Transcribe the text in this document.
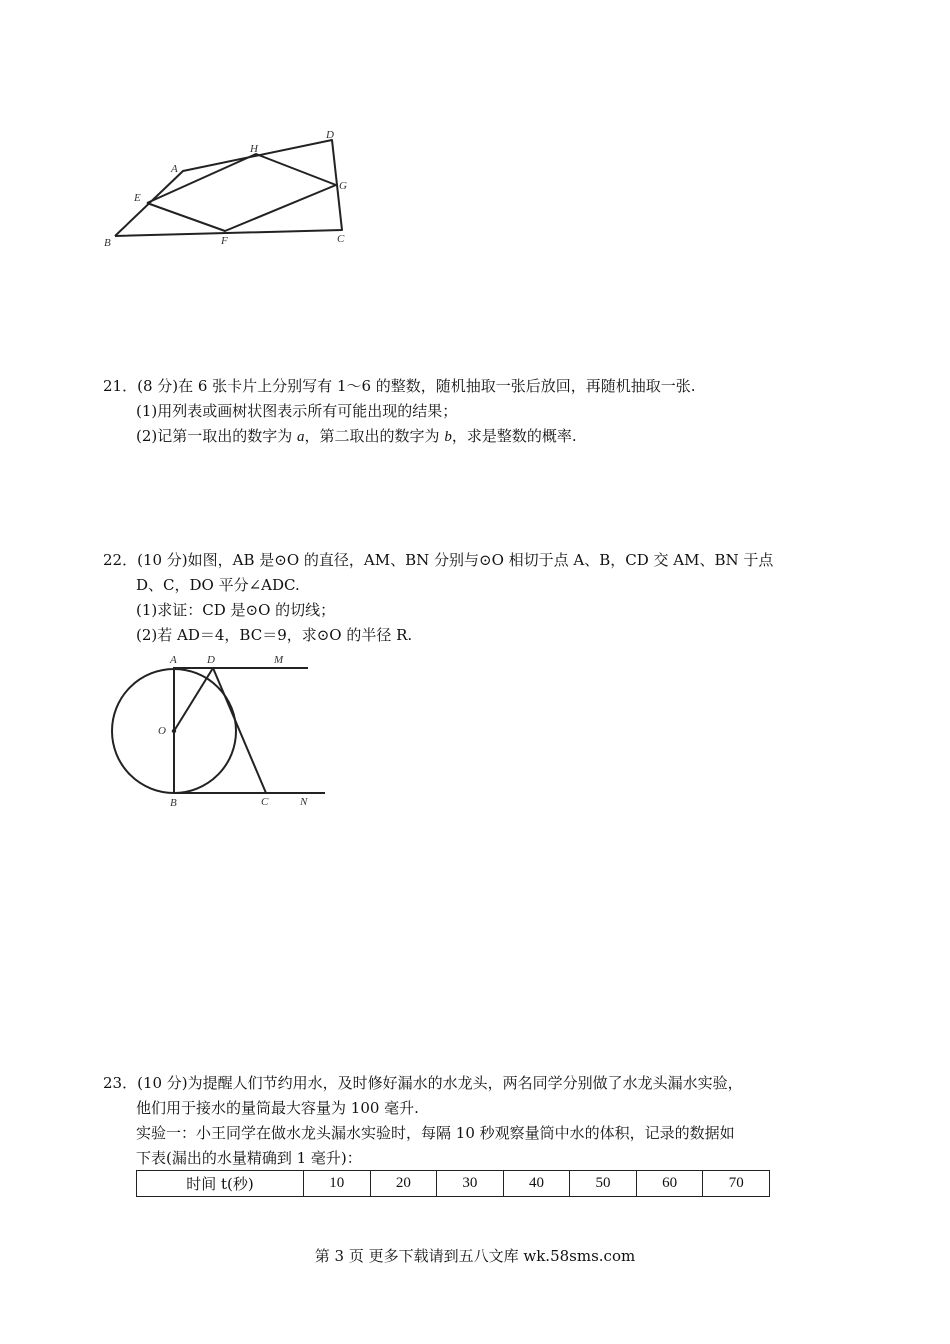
A
H
D
E
G
B	F	C
21．(8 分)在 6 张卡片上分别写有 1～6 的整数，随机抽取一张后放回，再随机抽取一张.
(1)用列表或画树状图表示所有可能出现的结果；
(2)记第一取出的数字为 a，第二取出的数字为 b，求是整数的概率.
22．(10 分)如图，AB 是⊙O 的直径，AM、BN 分别与⊙O 相切于点 A、B，CD 交 AM、BN 于点
D、C，DO 平分∠ADC.
(1)求证：CD 是⊙O 的切线；
(2)若 AD＝4，BC＝9，求⊙O 的半径 R.
A	D	M
O
B	C	N
23．(10 分)为提醒人们节约用水，及时修好漏水的水龙头，两名同学分别做了水龙头漏水实验，
他们用于接水的量筒最大容量为 100 毫升.
实验一：小王同学在做水龙头漏水实验时，每隔 10 秒观察量筒中水的体积，记录的数据如
下表(漏出的水量精确到 1 毫升)：
时间 t(秒)	10	20	30	40	50	60	70
第 3 页 更多下载请到五八文库 wk.58sms.com
